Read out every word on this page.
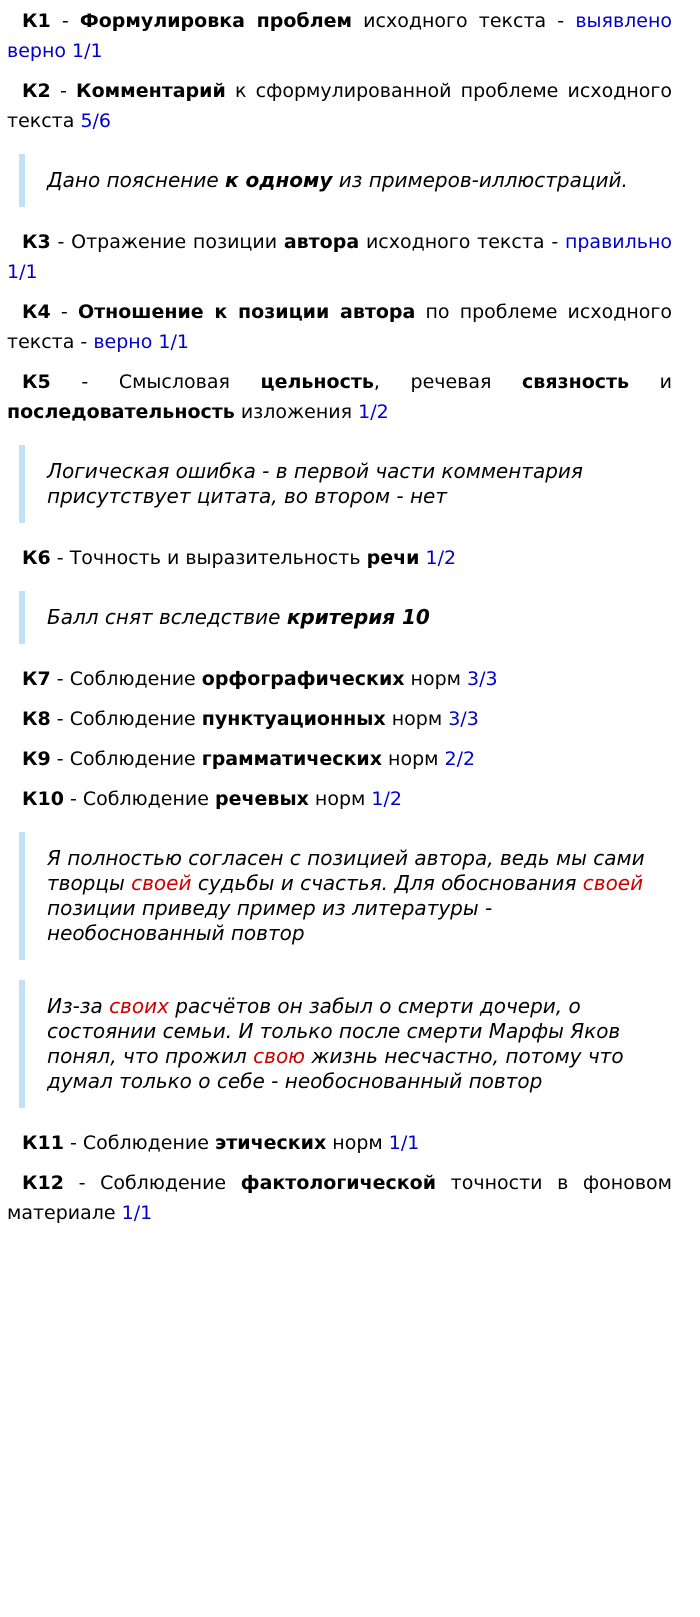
К1 - Формулировка проблем исходного текста - выявлено верно 1/1

К2 - Комментарий к сформулированной проблеме исходного текста 5/6

Дано пояснение к одному из примеров-иллюстраций.

К3 - Отражение позиции автора исходного текста - правильно 1/1

К4 - Отношение к позиции автора по проблеме исходного текста - верно 1/1

К5 - Смысловая цельность, речевая связность и последовательность изложения 1/2

Логическая ошибка - в первой части комментария присутствует цитата, во втором - нет

К6 - Точность и выразительность речи 1/2

Балл снят вследствие критерия 10

К7 - Соблюдение орфографических норм 3/3

К8 - Соблюдение пунктуационных норм 3/3

К9 - Соблюдение грамматических норм 2/2

К10 - Соблюдение речевых норм 1/2

Я полностью согласен с позицией автора, ведь мы сами творцы своей судьбы и счастья. Для обоснования своей позиции приведу пример из литературы - необоснованный повтор
Из-за своих расчётов он забыл о смерти дочери, о состоянии семьи. И только после смерти Марфы Яков понял, что прожил свою жизнь несчастно, потому что думал только о себе - необоснованный повтор

К11 - Соблюдение этических норм 1/1

К12 - Соблюдение фактологической точности в фоновом материале 1/1
